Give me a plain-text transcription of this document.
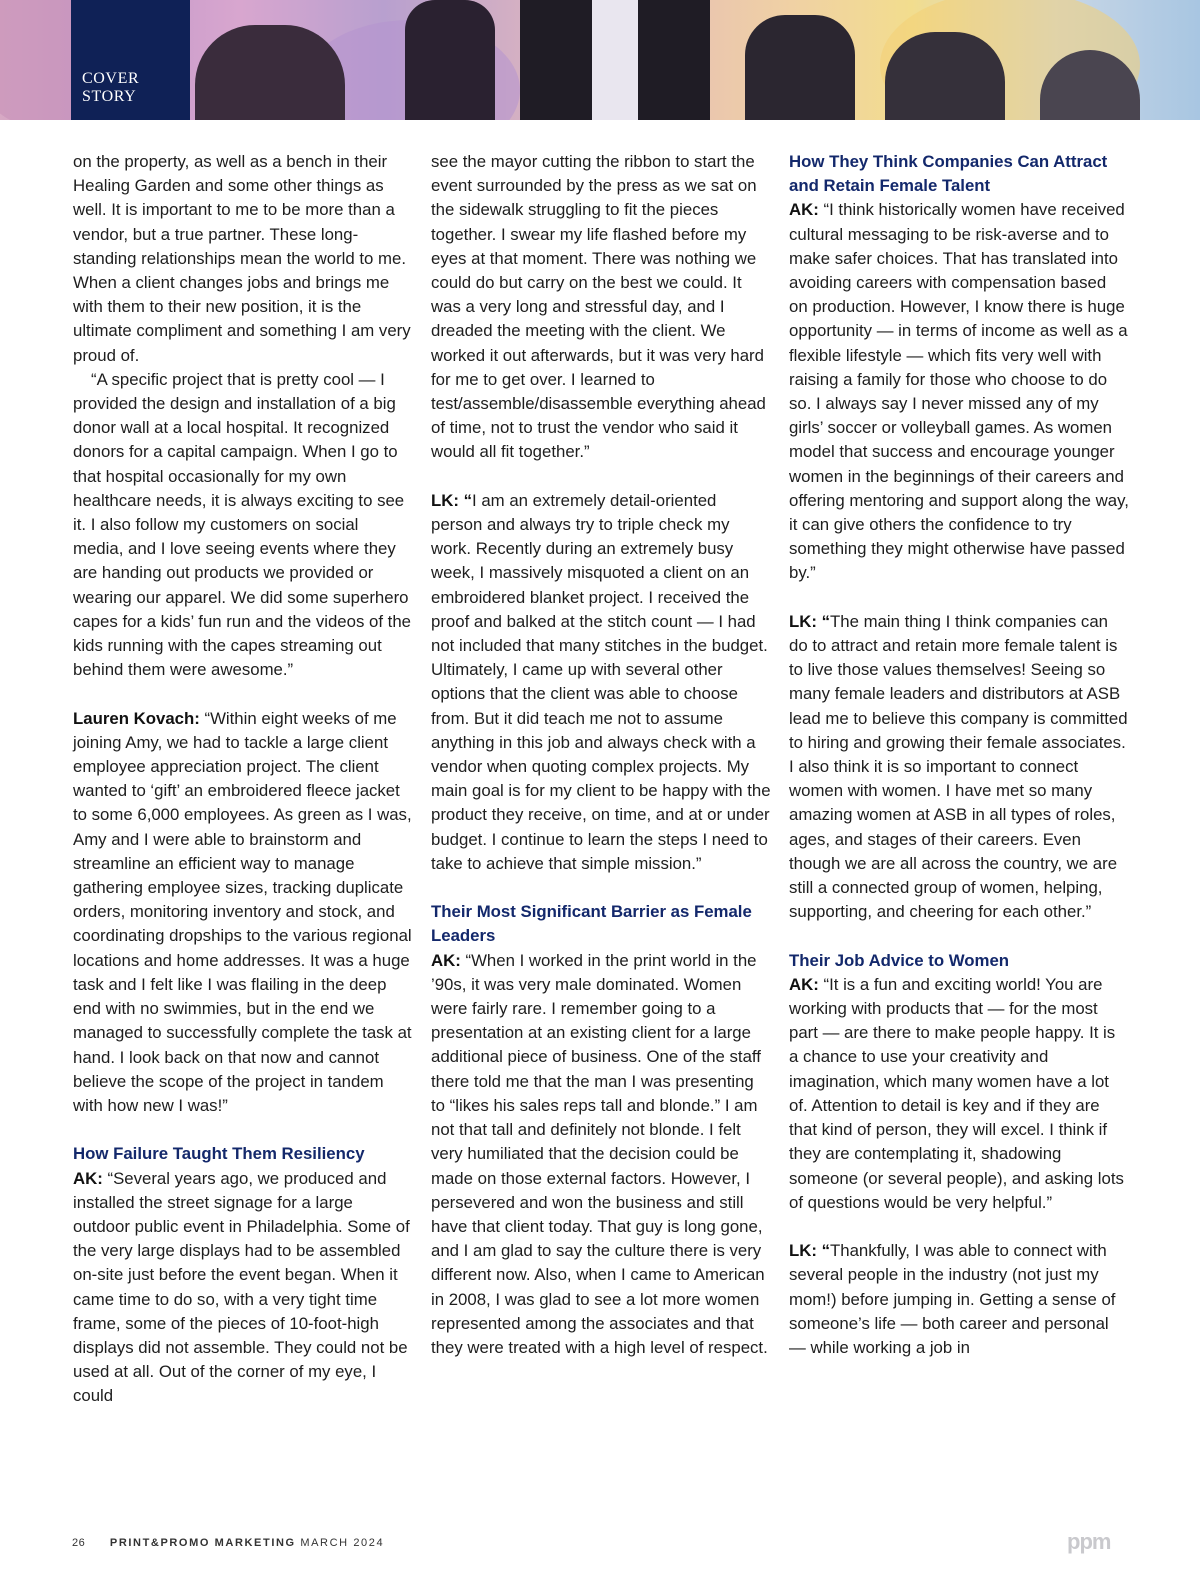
COVER
STORY

on the property, as well as a bench in their Healing Garden and some other things as well. It is important to me to be more than a vendor, but a true partner. These long-standing relationships mean the world to me. When a client changes jobs and brings me with them to their new position, it is the ultimate compliment and something I am very proud of.

“A specific project that is pretty cool — I provided the design and installation of a big donor wall at a local hospital. It recognized donors for a capital campaign. When I go to that hospital occasionally for my own healthcare needs, it is always exciting to see it. I also follow my customers on social media, and I love seeing events where they are handing out products we provided or wearing our apparel. We did some superhero capes for a kids’ fun run and the videos of the kids running with the capes streaming out behind them were awesome.”

Lauren Kovach: “Within eight weeks of me joining Amy, we had to tackle a large client employee appreciation project. The client wanted to ‘gift’ an embroidered fleece jacket to some 6,000 employees. As green as I was, Amy and I were able to brainstorm and streamline an efficient way to manage gathering employee sizes, tracking duplicate orders, monitoring inventory and stock, and coordinating dropships to the various regional locations and home addresses. It was a huge task and I felt like I was flailing in the deep end with no swimmies, but in the end we managed to successfully complete the task at hand. I look back on that now and cannot believe the scope of the project in tandem with how new I was!”

How Failure Taught Them Resiliency

AK: “Several years ago, we produced and installed the street signage for a large outdoor public event in Philadelphia. Some of the very large displays had to be assembled on-site just before the event began. When it came time to do so, with a very tight time frame, some of the pieces of 10-foot-high displays did not assemble. They could not be used at all. Out of the corner of my eye, I could

see the mayor cutting the ribbon to start the event surrounded by the press as we sat on the sidewalk struggling to fit the pieces together. I swear my life flashed before my eyes at that moment. There was nothing we could do but carry on the best we could. It was a very long and stressful day, and I dreaded the meeting with the client. We worked it out afterwards, but it was very hard for me to get over. I learned to test/assemble/disassemble everything ahead of time, not to trust the vendor who said it would all fit together.”

LK: “I am an extremely detail-oriented person and always try to triple check my work. Recently during an extremely busy week, I massively misquoted a client on an embroidered blanket project. I received the proof and balked at the stitch count — I had not included that many stitches in the budget. Ultimately, I came up with several other options that the client was able to choose from. But it did teach me not to assume anything in this job and always check with a vendor when quoting complex projects. My main goal is for my client to be happy with the product they receive, on time, and at or under budget. I continue to learn the steps I need to take to achieve that simple mission.”

Their Most Significant Barrier as Female Leaders

AK: “When I worked in the print world in the ’90s, it was very male dominated. Women were fairly rare. I remember going to a presentation at an existing client for a large additional piece of business. One of the staff there told me that the man I was presenting to “likes his sales reps tall and blonde.” I am not that tall and definitely not blonde. I felt very humiliated that the decision could be made on those external factors. However, I persevered and won the business and still have that client today. That guy is long gone, and I am glad to say the culture there is very different now. Also, when I came to American in 2008, I was glad to see a lot more women represented among the associates and that they were treated with a high level of respect.

How They Think Companies Can Attract and Retain Female Talent

AK: “I think historically women have received cultural messaging to be risk-averse and to make safer choices. That has translated into avoiding careers with compensation based on production. However, I know there is huge opportunity — in terms of income as well as a flexible lifestyle — which fits very well with raising a family for those who choose to do so. I always say I never missed any of my girls’ soccer or volleyball games. As women model that success and encourage younger women in the beginnings of their careers and offering mentoring and support along the way, it can give others the confidence to try something they might otherwise have passed by.”

LK: “The main thing I think companies can do to attract and retain more female talent is to live those values themselves! Seeing so many female leaders and distributors at ASB lead me to believe this company is committed to hiring and growing their female associates. I also think it is so important to connect women with women. I have met so many amazing women at ASB in all types of roles, ages, and stages of their careers. Even though we are all across the country, we are still a connected group of women, helping, supporting, and cheering for each other.”

Their Job Advice to Women

AK: “It is a fun and exciting world! You are working with products that — for the most part — are there to make people happy. It is a chance to use your creativity and imagination, which many women have a lot of. Attention to detail is key and if they are that kind of person, they will excel. I think if they are contemplating it, shadowing someone (or several people), and asking lots of questions would be very helpful.”

LK: “Thankfully, I was able to connect with several people in the industry (not just my mom!) before jumping in. Getting a sense of someone’s life — both career and personal — while working a job in

26 PRINT&PROMO MARKETING MARCH 2024	ppm
